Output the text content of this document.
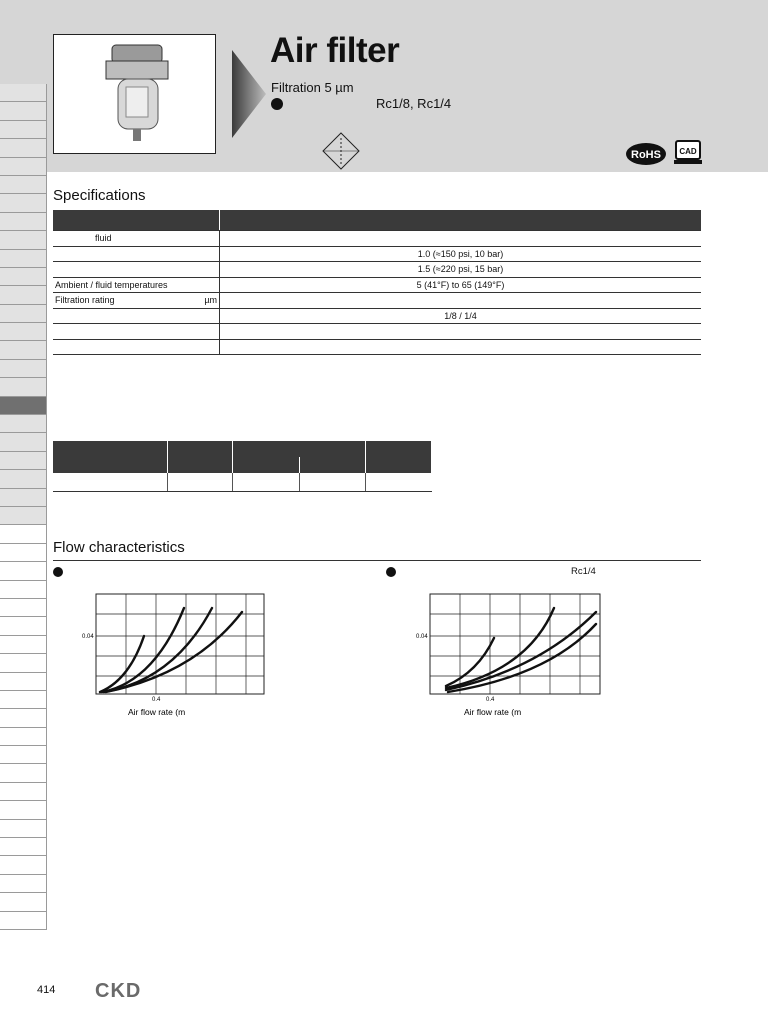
Air filter
Filtration 5 µm
Rc1/8, Rc1/4
RoHS CAD
Specifications

fluid	
	1.0 (≈150 psi, 10 bar)
	1.5 (≈220 psi, 15 bar)
Ambient / fluid temperatures	5 (41°F) to 65 (149°F)
Filtration rating µm	

	1/8 / 1/4

Flow characteristics
Rc1/4
0.04
0.4
Air flow rate (m
0.04
0.4
Air flow rate (m
414 CKD
